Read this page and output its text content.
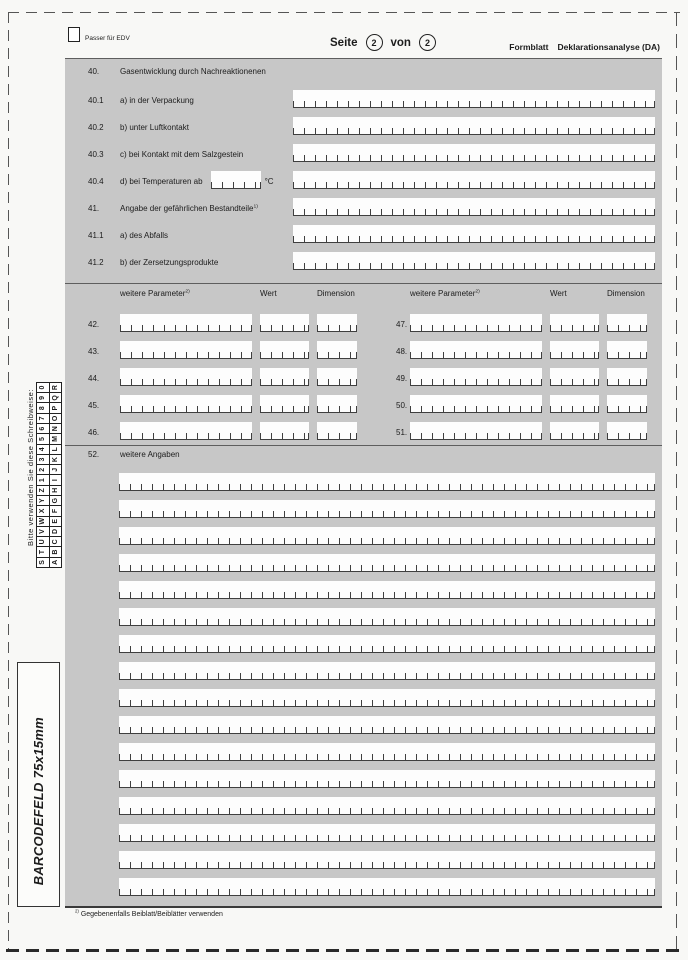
Passer für EDV	Seite	2	von	2	Formblatt Deklarationsanalyse (DA)
40.	Gasentwicklung durch Nachreaktionenen
40.1	a) in der Verpackung
40.2	b) unter Luftkontakt
40.3	c) bei Kontakt mit dem Salzgestein
40.4	d) bei Temperaturen ab	°C
41.	Angabe der gefährlichen Bestandteile$^{1)}$
41.1	a) des Abfalls
41.2	b) der Zersetzungsprodukte
weitere Parameter$^{2)}$	Wert	Dimension	weitere Parameter$^{2)}$	Wert	Dimension
42.	47.
43.	48.
44.	49.
45.	50.
46.	51.
52.	weitere Angaben
Bitte verwenden Sie diese Schreibweise:
S
T
U
V
W
X
Y
Z
1
2
3
4
5
6
7
8
9
0
A
B
C
D
E
F
G
H
I
J
K
L
M
N
O
P
Q
R
BARCODEFELD 75x15mm
$^{2)}$ Gegebenenfalls Beiblatt/Beiblätter verwenden
